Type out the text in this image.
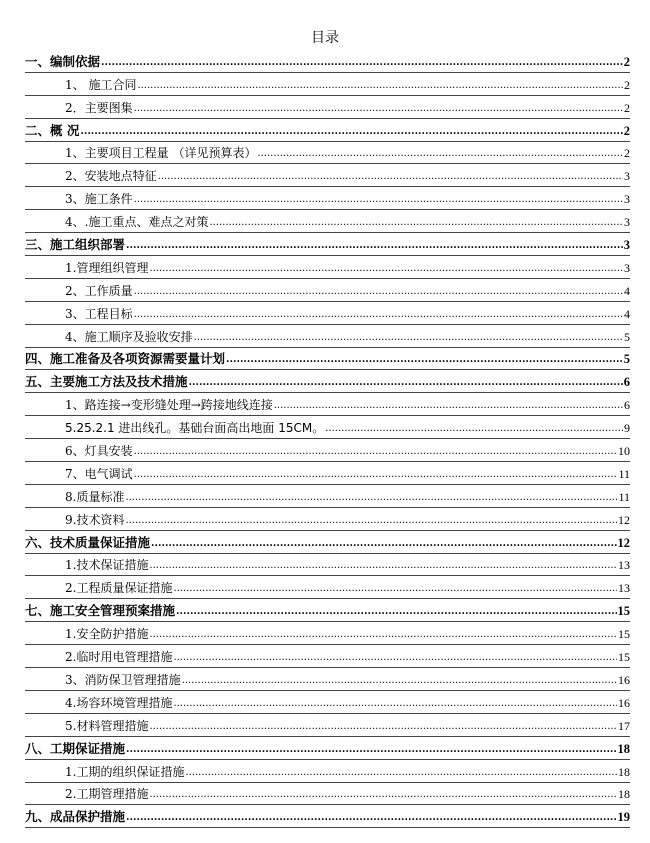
目录
一、编制依据 .....	2
1、 施工合同 .....	2
2．主要图集 .....	2
二、概 况 .....	2
1、主要项目工程量 （详见预算表） .....	2
2、安装地点特征 .....	3
3、施工条件 .....	3
4、.施工重点、难点之对策 .....	3
三、施工组织部署 .....	3
1.管理组织管理 .....	3
2、工作质量 .....	4
3、工程目标 .....	4
4、施工顺序及验收安排 .....	5
四、施工准备及各项资源需要量计划 .....	5
五、主要施工方法及技术措施 .....	6
1、路连接→变形缝处理→跨接地线连接 .....	6
5.25.2.1 进出线孔。基础台面高出地面 15CM。 .....	9
6、灯具安装 .....	10
7、电气调试 .....	11
8.质量标准 .....	11
9.技术资料 .....	12
六、技术质量保证措施 .....	12
1.技术保证措施 .....	13
2.工程质量保证措施 .....	13
七、施工安全管理预案措施 .....	15
1.安全防护措施 .....	15
2.临时用电管理措施 .....	15
3、消防保卫管理措施 .....	16
4.场容环境管理措施 .....	16
5.材料管理措施 .....	17
八、工期保证措施 .....	18
1.工期的组织保证措施 .....	18
2.工期管理措施 .....	18
九、成品保护措施 .....	19
